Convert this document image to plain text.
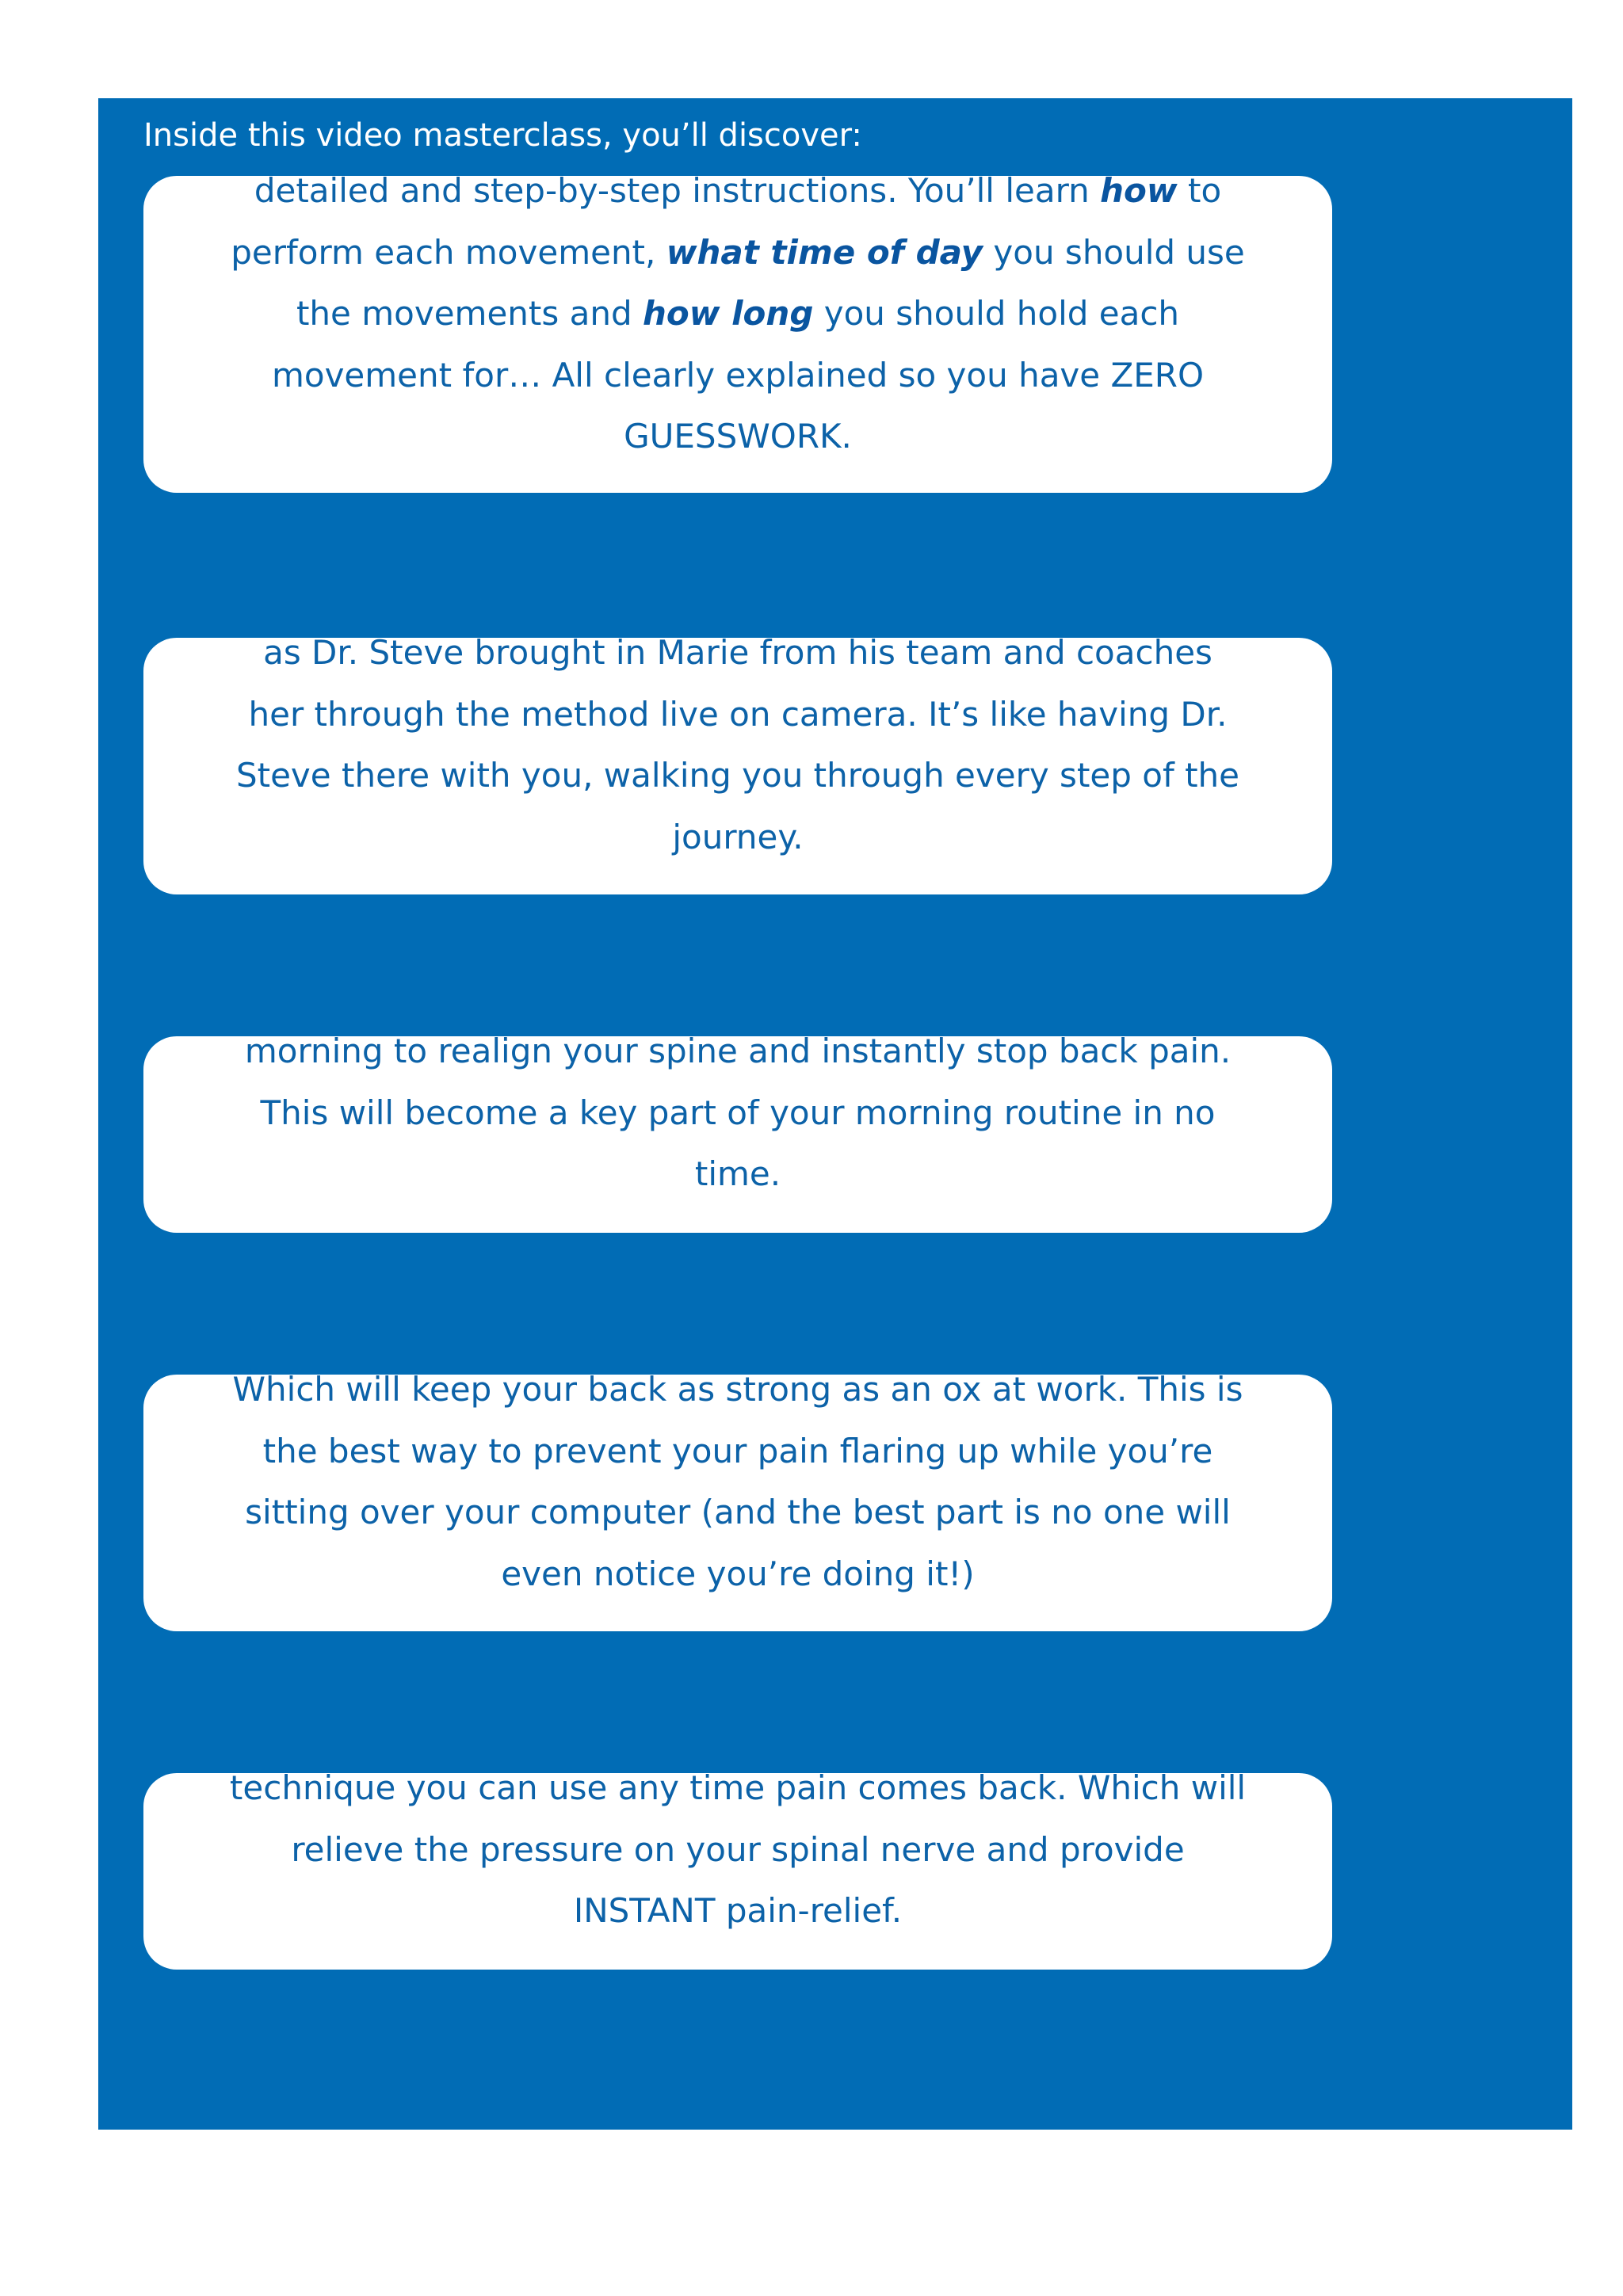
Inside this video masterclass, you’ll discover:

detailed and step-by-step instructions. You’ll learn how to

perform each movement, what time of day you should use

the movements and how long you should hold each

movement for… All clearly explained so you have ZERO

GUESSWORK.

as Dr. Steve brought in Marie from his team and coaches

her through the method live on camera. It’s like having Dr.

Steve there with you, walking you through every step of the

journey.

morning to realign your spine and instantly stop back pain.

This will become a key part of your morning routine in no

time.

Which will keep your back as strong as an ox at work. This is

the best way to prevent your pain flaring up while you’re

sitting over your computer (and the best part is no one will

even notice you’re doing it!)

technique you can use any time pain comes back. Which will

relieve the pressure on your spinal nerve and provide

INSTANT pain-relief.
